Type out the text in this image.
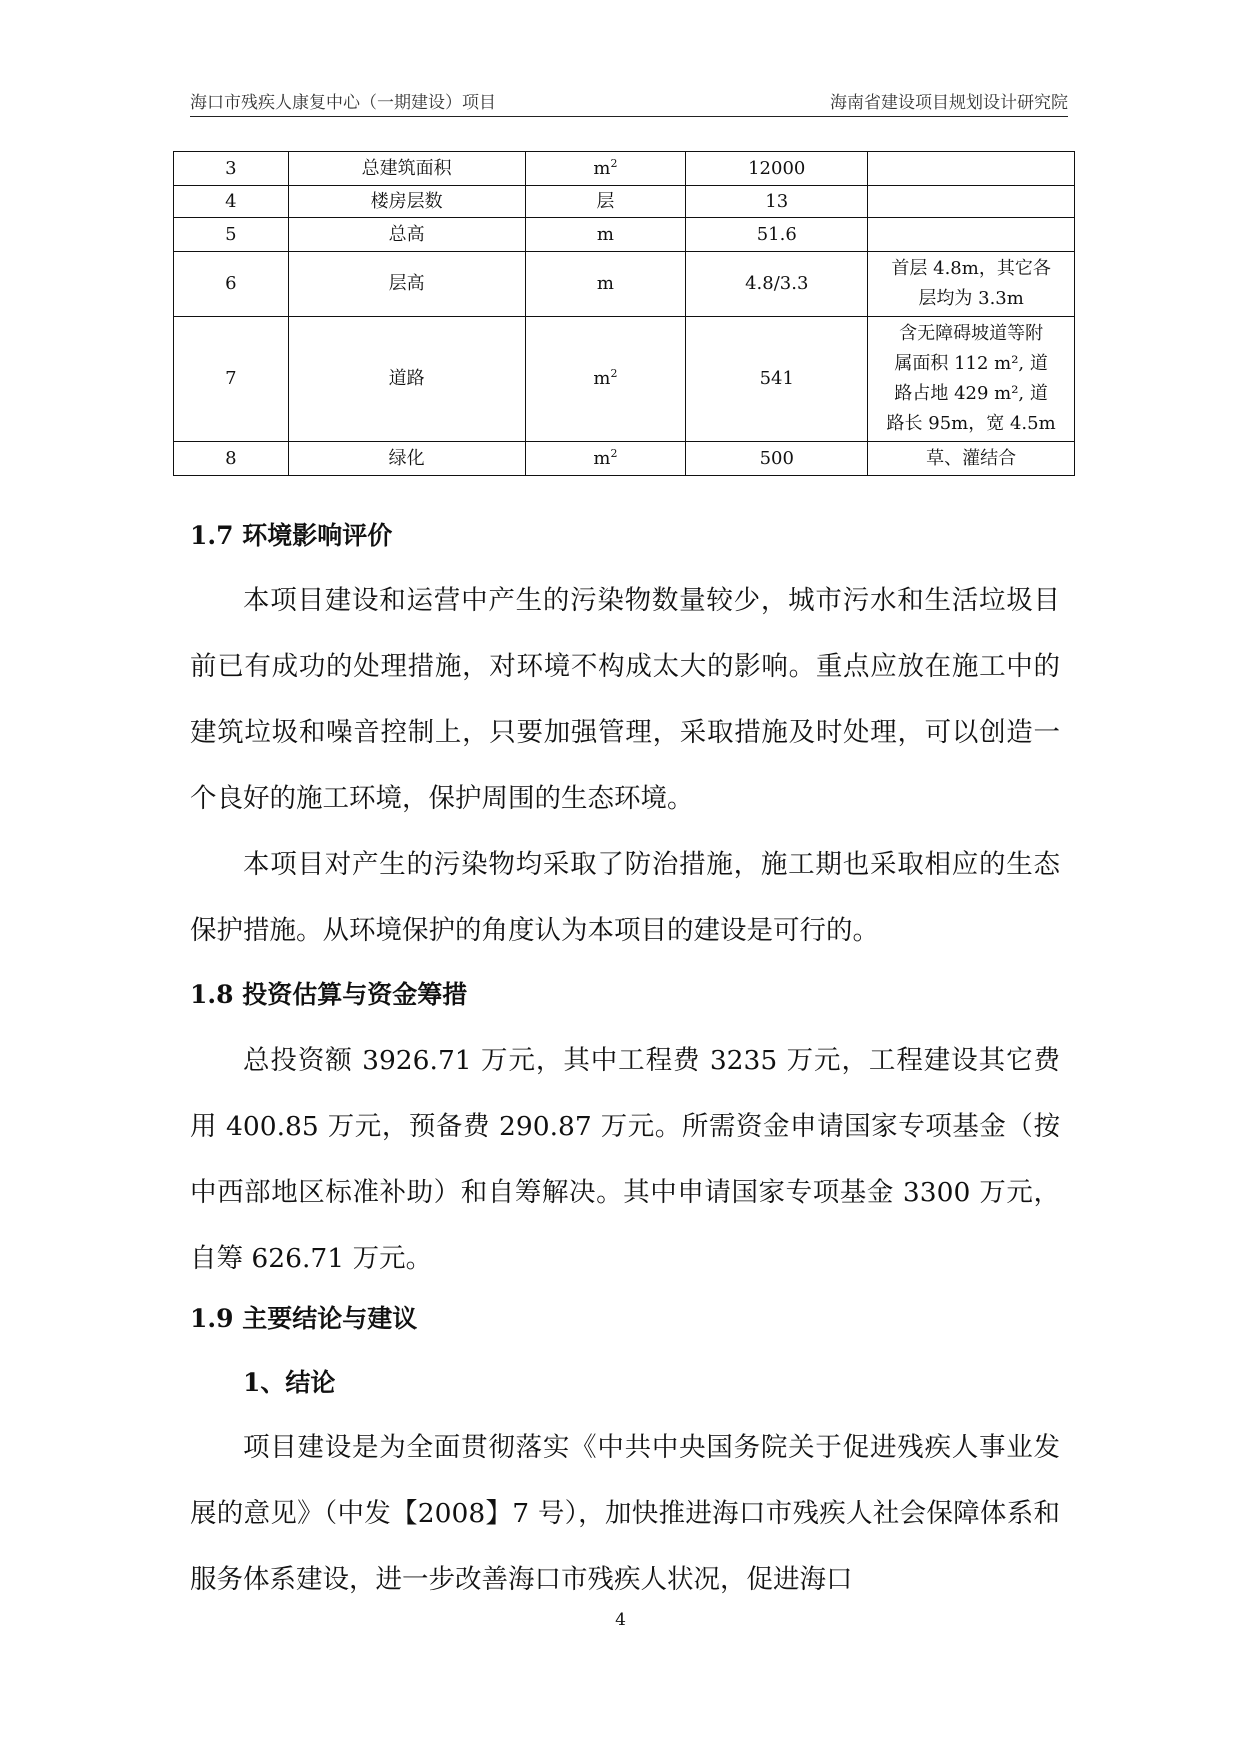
海口市残疾人康复中心（一期建设）项目	海南省建设项目规划设计研究院
3	总建筑面积	$m^2$	12000	
4	楼房层数	层	13	
5	总高	m	51.6	
6	层高	m	4.8/3.3	首层 4.8m，其它各
层均为 3.3m

7	道路	$m^2$	541	含无障碍坡道等附
属面积 112 m², 道
路占地 429 m², 道
路长 95m，宽 4.5m

8	绿化	$m^2$	500	草、灌结合
1.7 环境影响评价
本项目建设和运营中产生的污染物数量较少，城市污水和生活垃圾目前已有成功的处理措施，对环境不构成太大的影响。重点应放在施工中的建筑垃圾和噪音控制上，只要加强管理，采取措施及时处理，可以创造一个良好的施工环境，保护周围的生态环境。
本项目对产生的污染物均采取了防治措施，施工期也采取相应的生态保护措施。从环境保护的角度认为本项目的建设是可行的。
1.8 投资估算与资金筹措
总投资额 3926.71 万元，其中工程费 3235 万元，工程建设其它费用 400.85 万元，预备费 290.87 万元。所需资金申请国家专项基金（按中西部地区标准补助）和自筹解决。其中申请国家专项基金 3300 万元，自筹 626.71 万元。
1.9 主要结论与建议
1、结论
项目建设是为全面贯彻落实《中共中央国务院关于促进残疾人事业发展的意见》（中发【2008】7 号），加快推进海口市残疾人社会保障体系和服务体系建设，进一步改善海口市残疾人状况，促进海口
4
